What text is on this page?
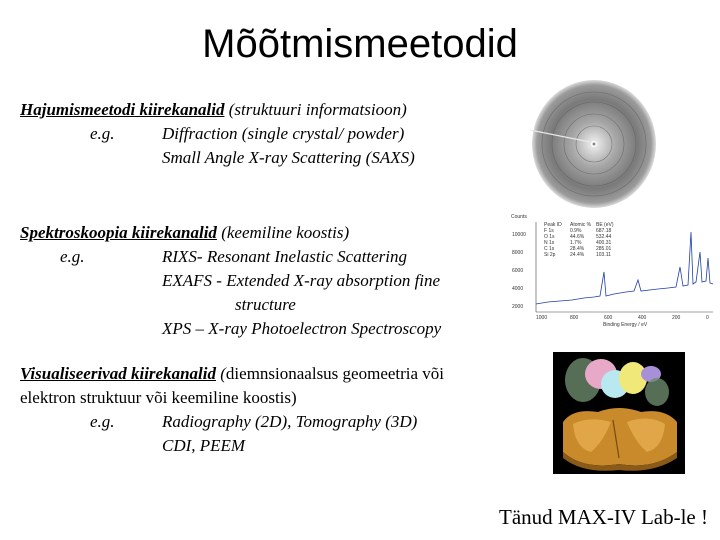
Mõõtmismeetodid
Hajumismeetodi kiirekanalid (struktuuri informatsioon)
e.g.	Diffraction (single crystal/ powder)
Small Angle X-ray Scattering (SAXS)
Spektroskoopia kiirekanalid (keemiline koostis)
e.g.	RIXS- Resonant Inelastic Scattering
EXAFS - Extended X-ray absorption fine
structure
XPS – X-ray Photoelectron Spectroscopy
Visualiseerivad kiirekanalid (diemnsionaalsus geomeetria või
elektron struktuur või keemiline koostis)
e.g.	Radiography (2D), Tomography (3D)
CDI, PEEM
Counts
10000
8000
6000
4000
2000
1000	800	600	400	200	0
Binding Energy / eV
Peak ID Atomic % BE (eV)
F 1s	0.9%	687.18
O 1s	44.6% 532.44
N 1s	1.7%	400.31
C 1s	28.4% 285.01
Si 2p	24.4% 103.11
Tänud MAX-IV Lab-le !
